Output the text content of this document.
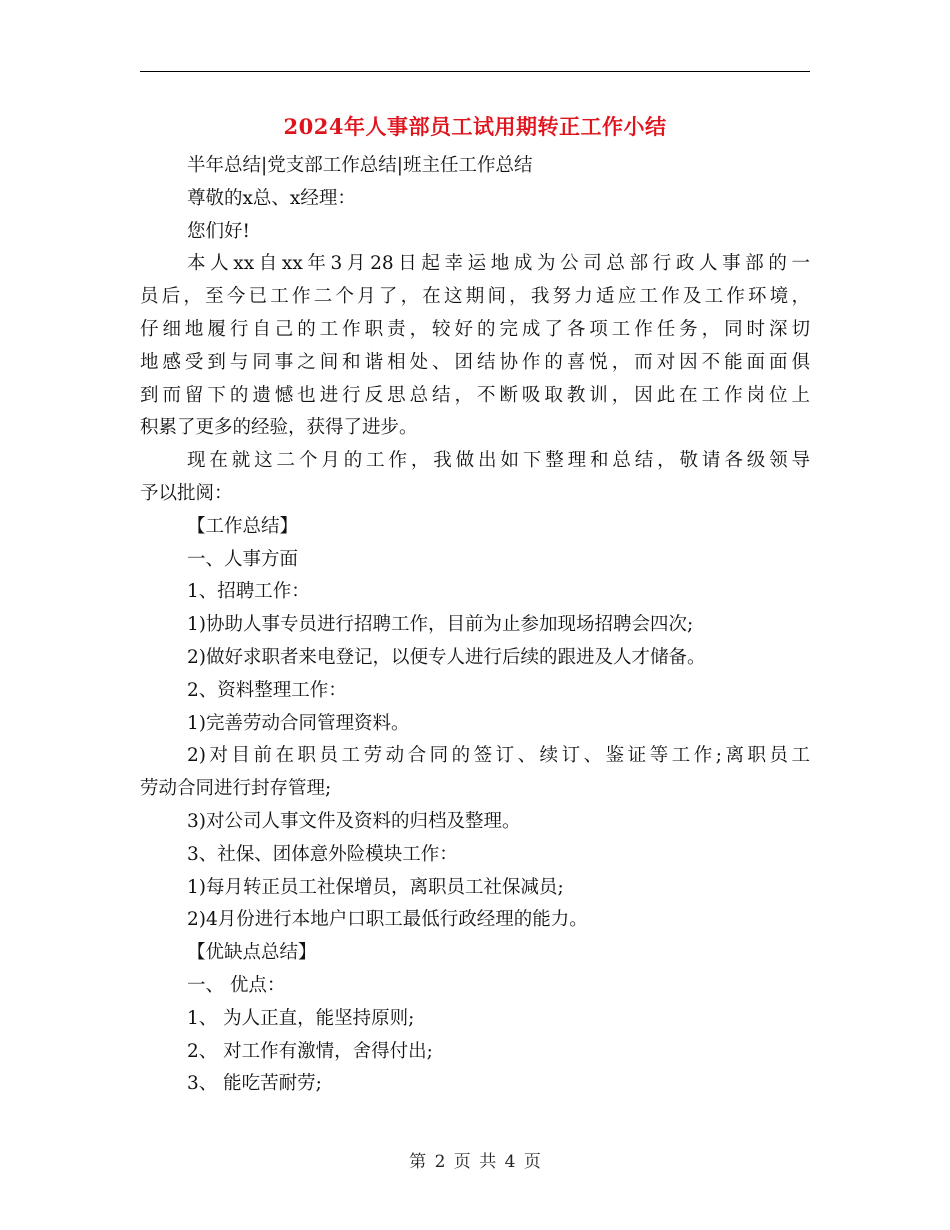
2024年人事部员工试用期转正工作小结
半年总结|党支部工作总结|班主任工作总结
尊敬的x总、x经理：
您们好!
本人xx自xx年3月28日起幸运地成为公司总部行政人事部的一
员后，至今已工作二个月了，在这期间，我努力适应工作及工作环境，
仔细地履行自己的工作职责，较好的完成了各项工作任务，同时深切
地感受到与同事之间和谐相处、团结协作的喜悦，而对因不能面面俱
到而留下的遗憾也进行反思总结，不断吸取教训，因此在工作岗位上
积累了更多的经验，获得了进步。
现在就这二个月的工作，我做出如下整理和总结，敬请各级领导
予以批阅：
【工作总结】
一、人事方面
1、招聘工作：
1)协助人事专员进行招聘工作，目前为止参加现场招聘会四次;
2)做好求职者来电登记，以便专人进行后续的跟进及人才储备。
2、资料整理工作：
1)完善劳动合同管理资料。
2)对目前在职员工劳动合同的签订、续订、鉴证等工作;离职员工
劳动合同进行封存管理;
3)对公司人事文件及资料的归档及整理。
3、社保、团体意外险模块工作：
1)每月转正员工社保增员，离职员工社保减员;
2)4月份进行本地户口职工最低行政经理的能力。
【优缺点总结】
一、 优点：
1、 为人正直，能坚持原则;
2、 对工作有激情，舍得付出;
3、 能吃苦耐劳;
第 2 页 共 4 页
